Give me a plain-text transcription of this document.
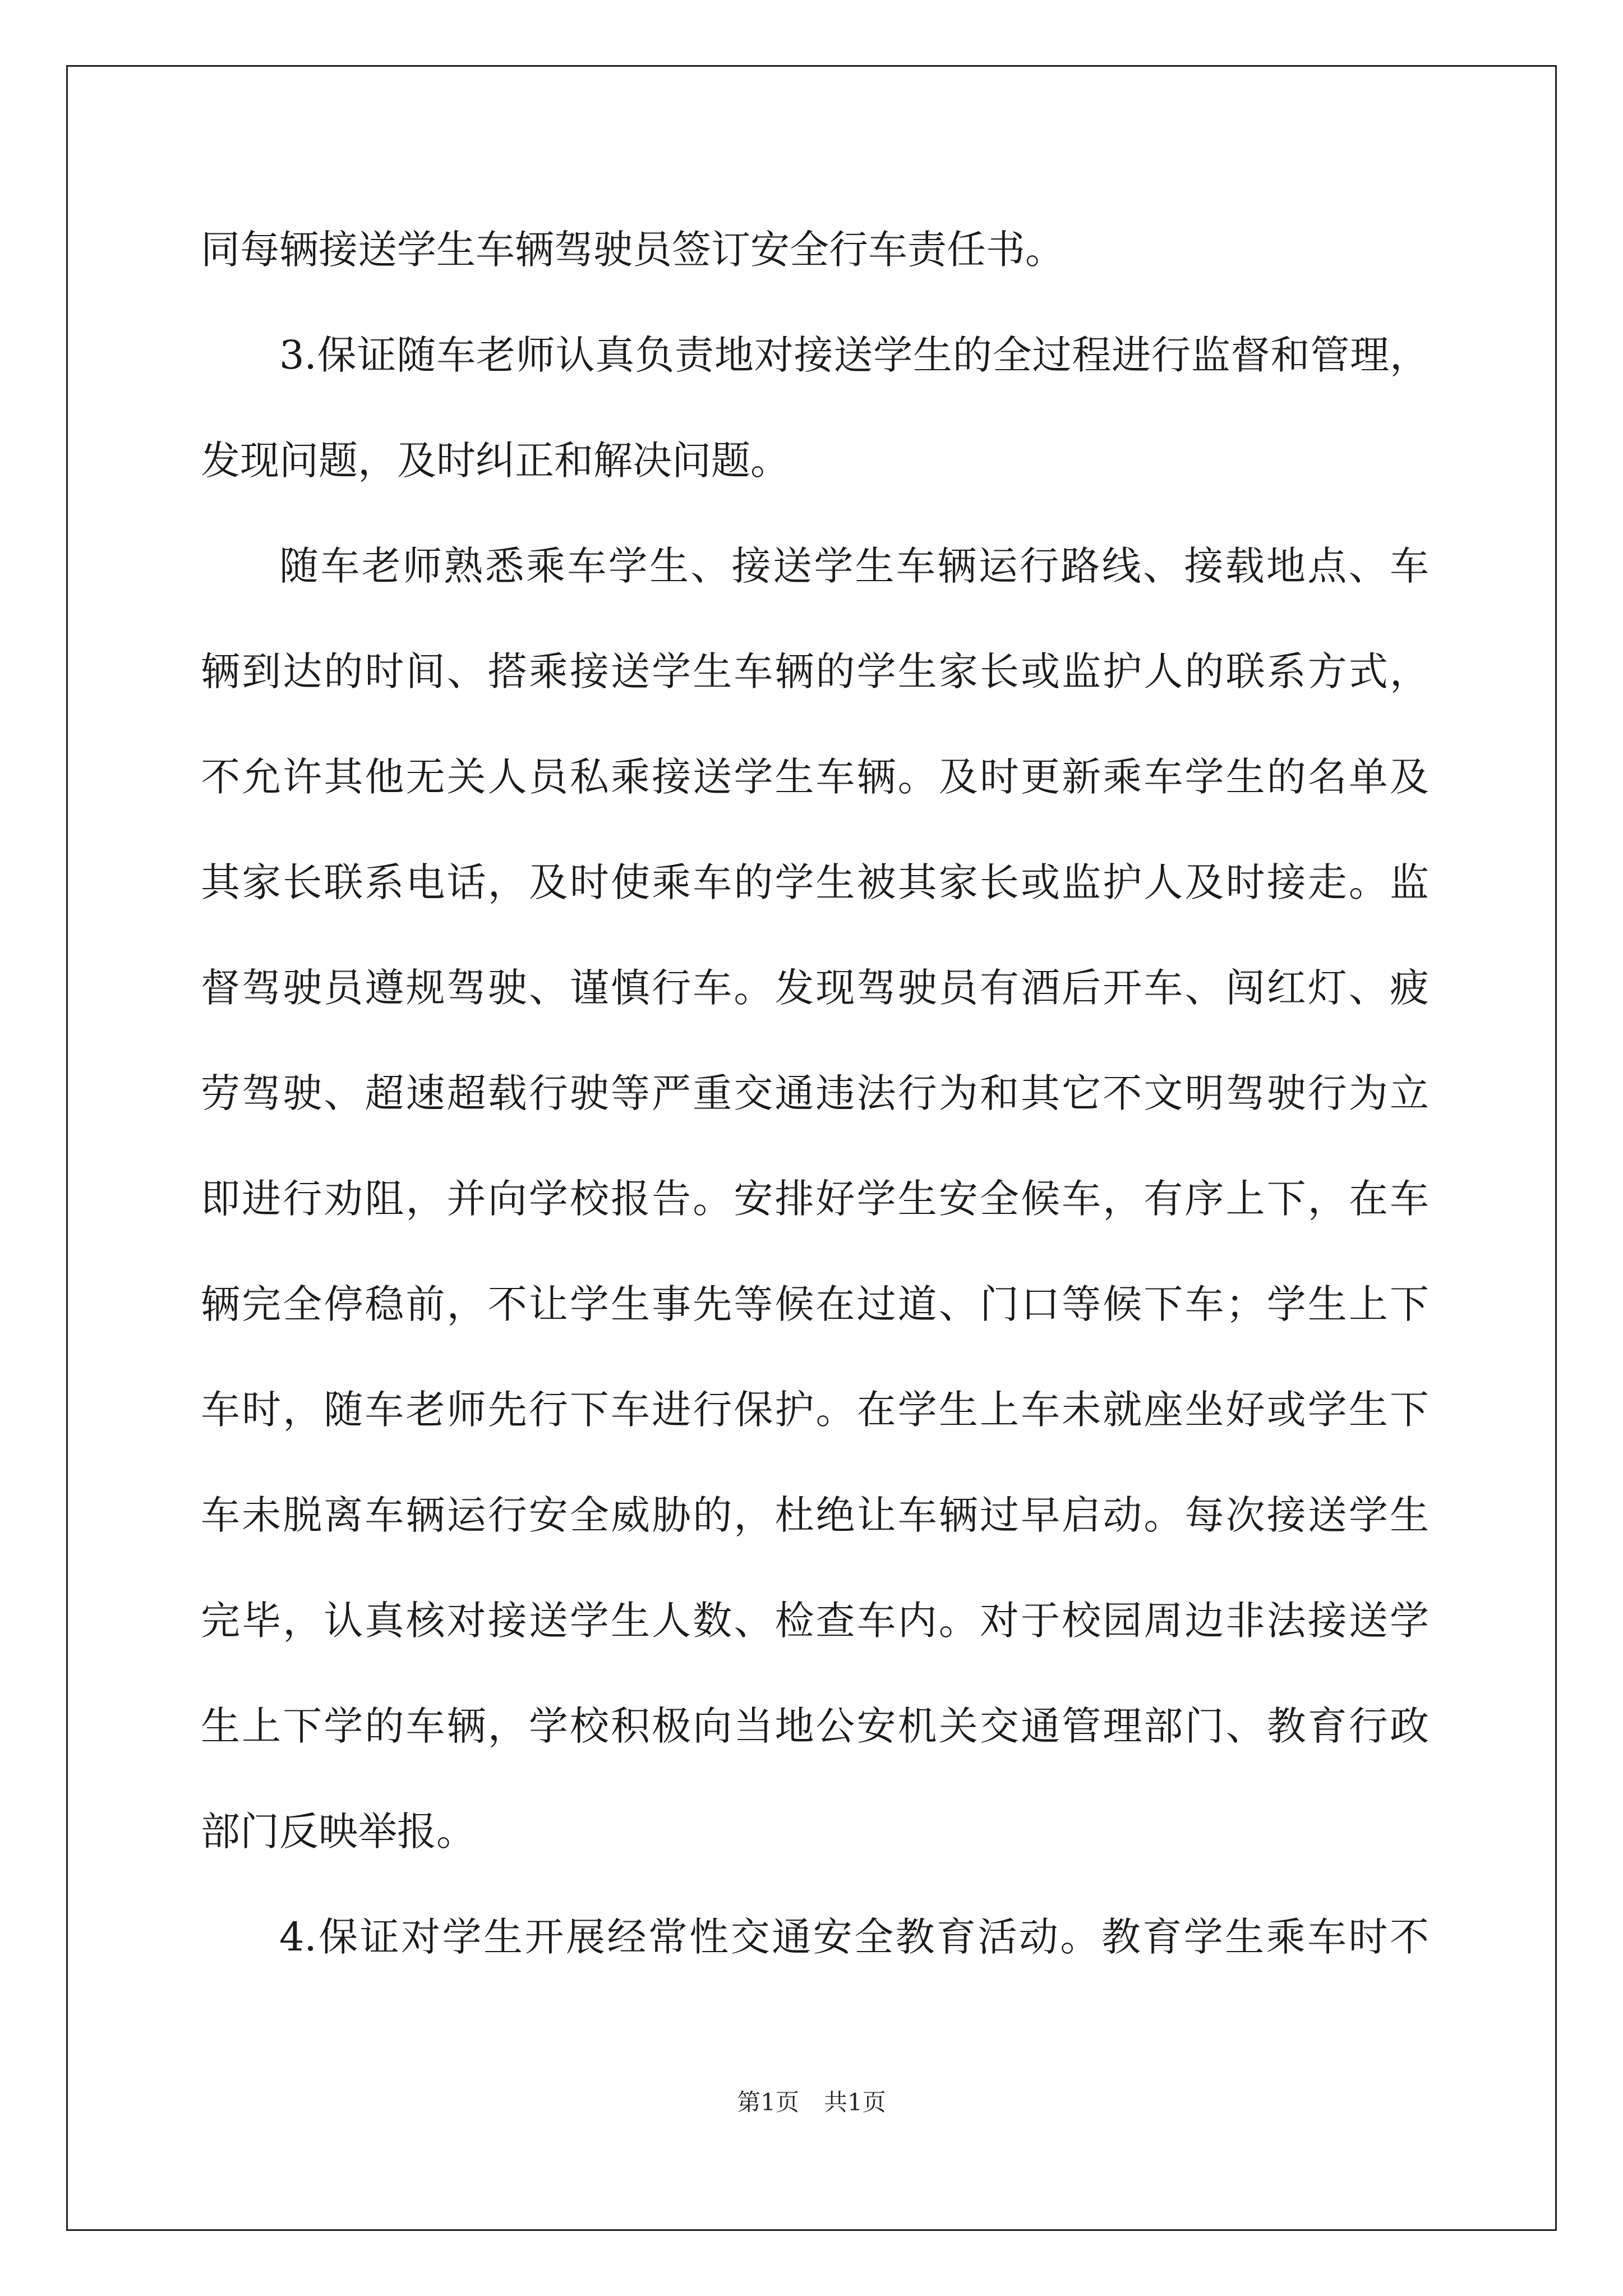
同每辆接送学生车辆驾驶员签订安全行车责任书。
3.保证随车老师认真负责地对接送学生的全过程进行监督和管理，
发现问题，及时纠正和解决问题。
随车老师熟悉乘车学生、接送学生车辆运行路线、接载地点、车
辆到达的时间、搭乘接送学生车辆的学生家长或监护人的联系方式，
不允许其他无关人员私乘接送学生车辆。及时更新乘车学生的名单及
其家长联系电话，及时使乘车的学生被其家长或监护人及时接走。监
督驾驶员遵规驾驶、谨慎行车。发现驾驶员有酒后开车、闯红灯、疲
劳驾驶、超速超载行驶等严重交通违法行为和其它不文明驾驶行为立
即进行劝阻，并向学校报告。安排好学生安全候车，有序上下，在车
辆完全停稳前，不让学生事先等候在过道、门口等候下车；学生上下
车时，随车老师先行下车进行保护。在学生上车未就座坐好或学生下
车未脱离车辆运行安全威胁的，杜绝让车辆过早启动。每次接送学生
完毕，认真核对接送学生人数、检查车内。对于校园周边非法接送学
生上下学的车辆，学校积极向当地公安机关交通管理部门、教育行政
部门反映举报。
4.保证对学生开展经常性交通安全教育活动。教育学生乘车时不
第1页 共1页
